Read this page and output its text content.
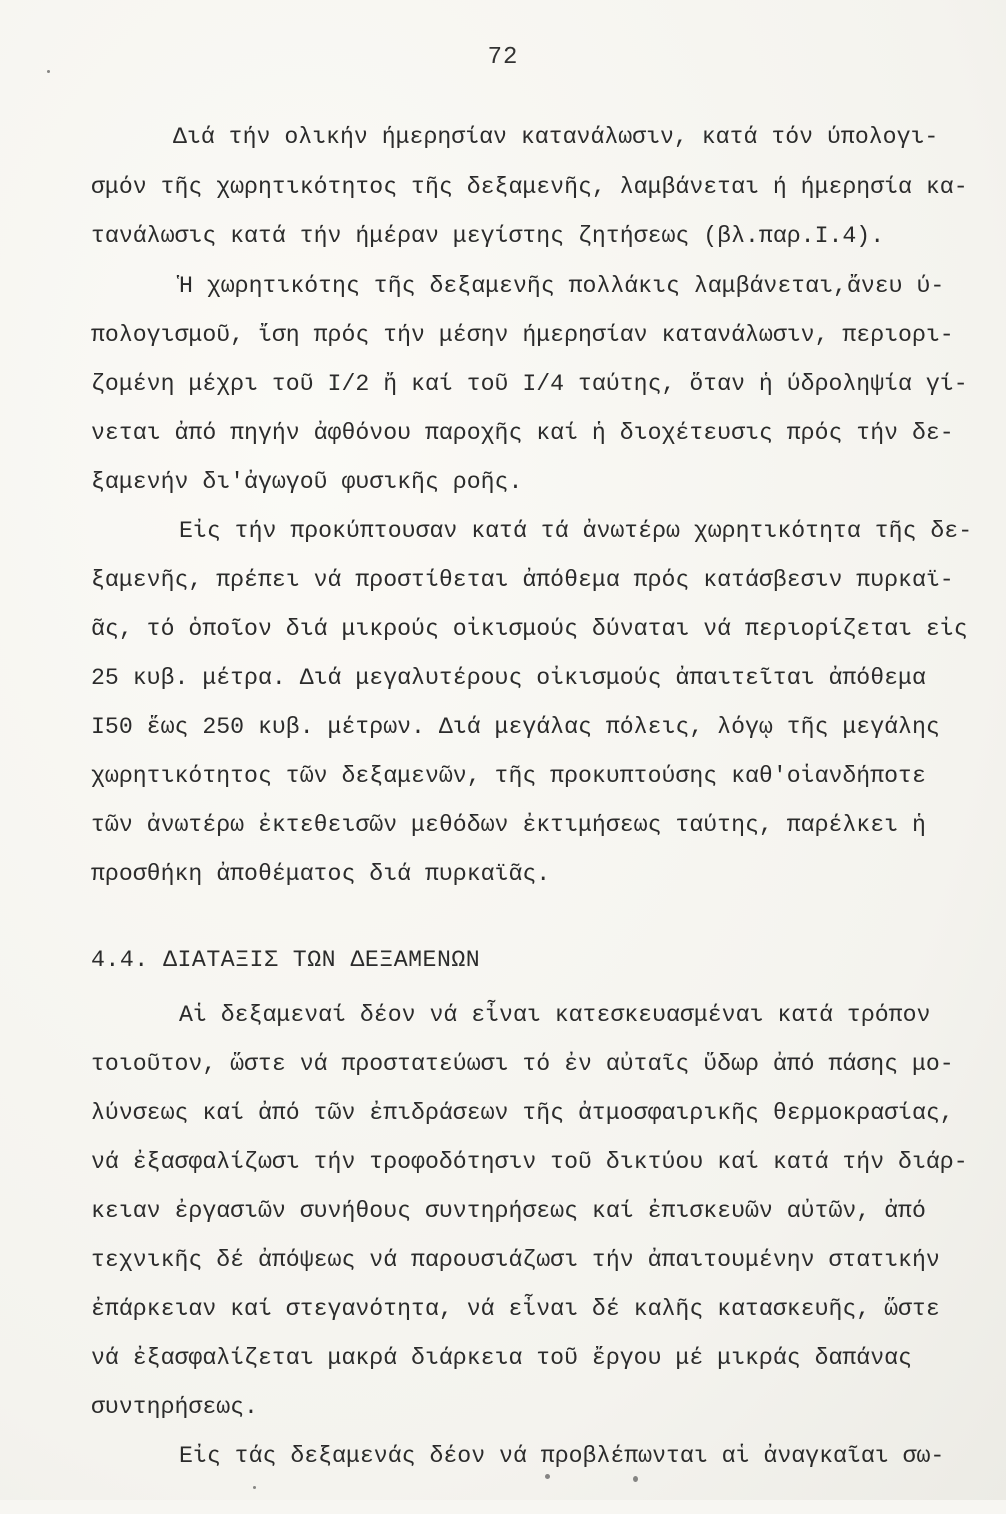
72
Διά τήν ολικήν ήμερησίαν κατανάλωσιν, κατά τόν ύπολογι-
σμόν τῆς χωρητικότητος τῆς δεξαμενῆς, λαμβάνεται ή ήμερησία κα-
τανάλωσις κατά τήν ήμέραν μεγίστης ζητήσεως (βλ.παρ.I.4).
Ἡ χωρητικότης τῆς δεξαμενῆς πολλάκις λαμβάνεται,ἄνευ ύ-
πολογισμοῦ, ἴση πρός τήν μέσην ήμερησίαν κατανάλωσιν, περιορι-
ζομένη μέχρι τοῦ I/2 ἤ καί τοῦ I/4 ταύτης, ὅταν ἡ ύδροληψία γί-
νεται ἀπό πηγήν ἀφθόνου παροχῆς καί ἡ διοχέτευσις πρός τήν δε-
ξαμενήν δι'ἀγωγοῦ φυσικῆς ροῆς.
Εἰς τήν προκύπτουσαν κατά τά ἀνωτέρω χωρητικότητα τῆς δε-
ξαμενῆς, πρέπει νά προστίθεται ἀπόθεμα πρός κατάσβεσιν πυρκαϊ-
ᾶς, τό ὁποῖον διά μικρούς οἰκισμούς δύναται νά περιορίζεται εἰς
25 κυβ. μέτρα. Διά μεγαλυτέρους οἰκισμούς ἀπαιτεῖται ἀπόθεμα
I50 ἕως 250 κυβ. μέτρων. Διά μεγάλας πόλεις, λόγῳ τῆς μεγάλης
χωρητικότητος τῶν δεξαμενῶν, τῆς προκυπτούσης καθ'οἱανδήποτε
τῶν ἀνωτέρω ἐκτεθεισῶν μεθόδων ἐκτιμήσεως ταύτης, παρέλκει ἡ
προσθήκη ἀποθέματος διά πυρκαϊᾶς.
4.4. ΔΙΑΤΑΞΙΣ ΤΩΝ ΔΕΞΑΜΕΝΩΝ
Αἱ δεξαμεναί δέον νά εἶναι κατεσκευασμέναι κατά τρόπον
τοιοῦτον, ὥστε νά προστατεύωσι τό ἐν αὐταῖς ὕδωρ ἀπό πάσης μο-
λύνσεως καί ἀπό τῶν ἐπιδράσεων τῆς ἀτμοσφαιρικῆς θερμοκρασίας,
νά ἐξασφαλίζωσι τήν τροφοδότησιν τοῦ δικτύου καί κατά τήν διάρ-
κειαν ἐργασιῶν συνήθους συντηρήσεως καί ἐπισκευῶν αὐτῶν, ἀπό
τεχνικῆς δέ ἀπόψεως νά παρουσιάζωσι τήν ἀπαιτουμένην στατικήν
ἐπάρκειαν καί στεγανότητα, νά εἶναι δέ καλῆς κατασκευῆς, ὥστε
νά ἐξασφαλίζεται μακρά διάρκεια τοῦ ἔργου μέ μικράς δαπάνας
συντηρήσεως.
Εἰς τάς δεξαμενάς δέον νά προβλέπωνται αἱ ἀναγκαῖαι σω-
